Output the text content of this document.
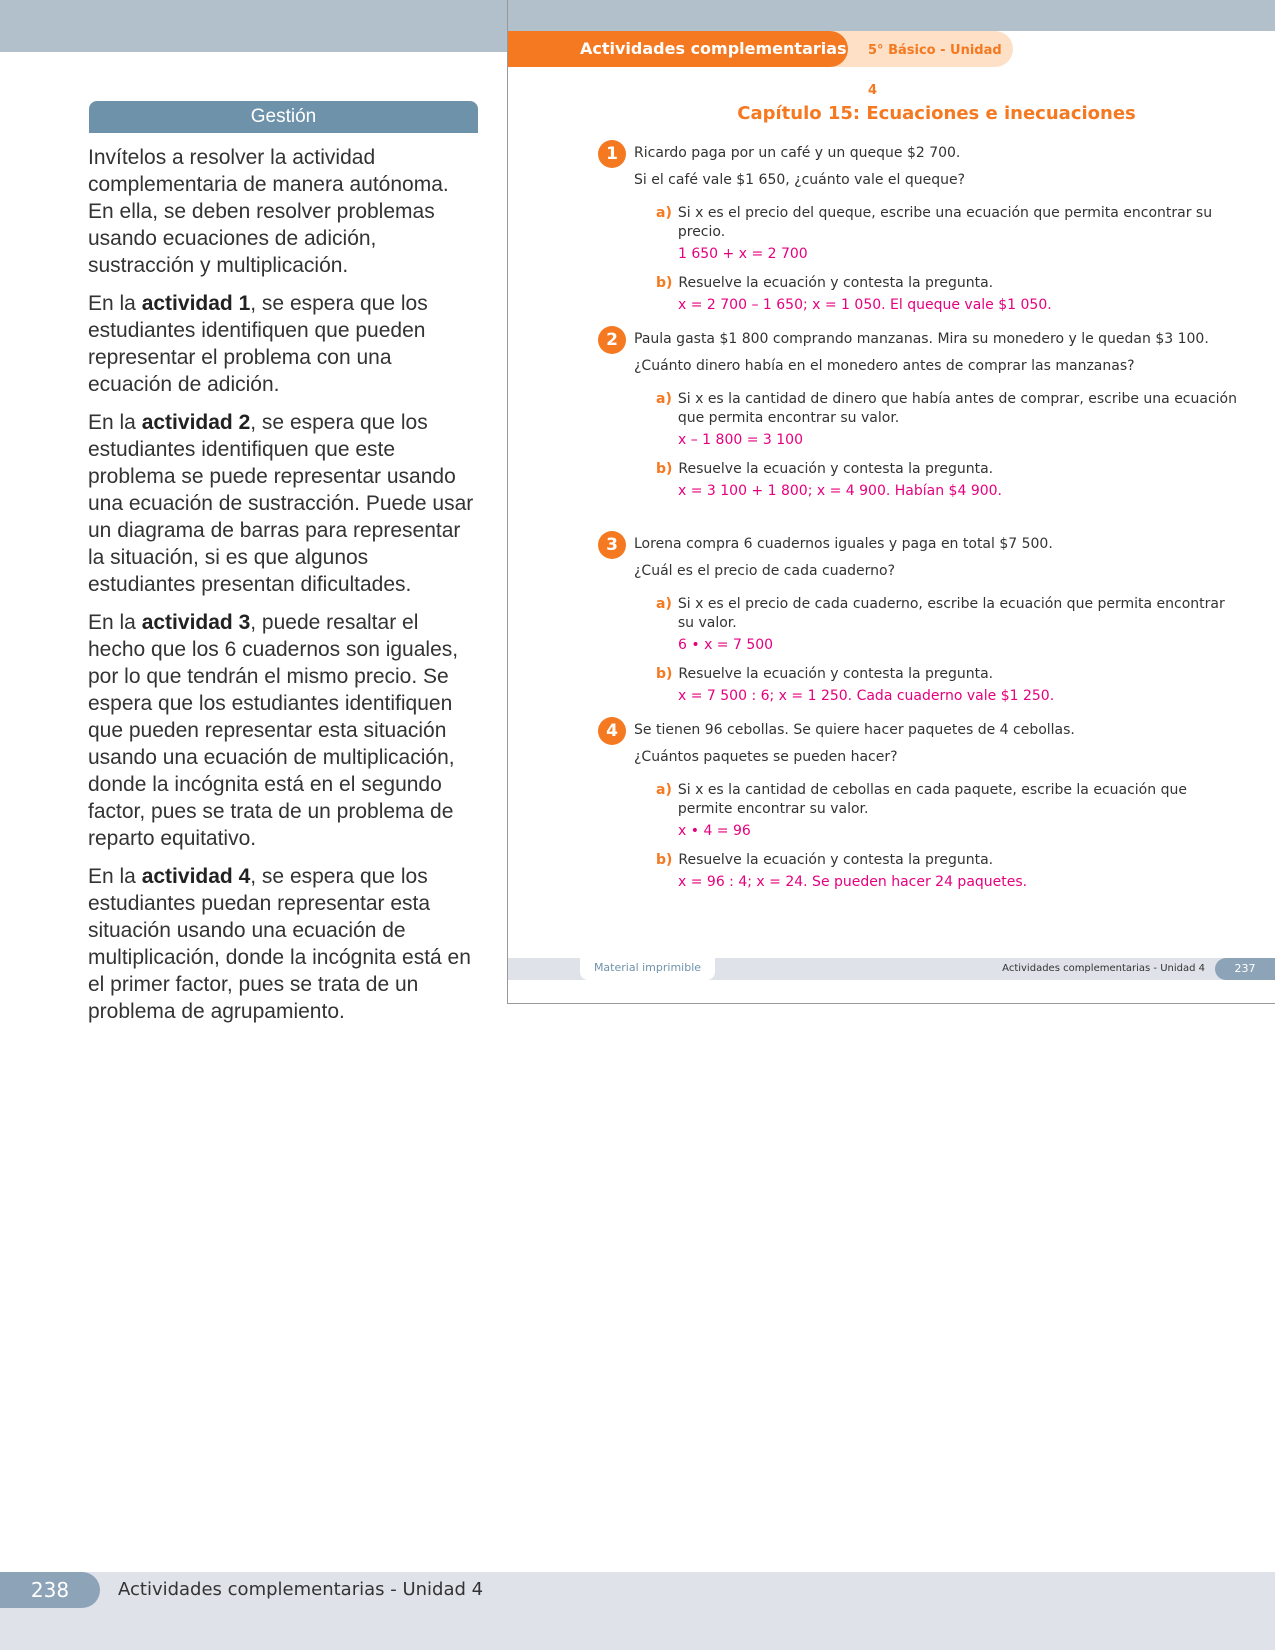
Gestión

Invítelos a resolver la actividad complementaria de manera autónoma. En ella, se deben resolver problemas usando ecuaciones de adición, sustracción y multiplicación.

En la actividad 1, se espera que los estudiantes identifiquen que pueden representar el problema con una ecuación de adición.

En la actividad 2, se espera que los estudiantes identifiquen que este problema se puede representar usando una ecuación de sustracción. Puede usar un diagrama de barras para representar la situación, si es que algunos estudiantes presentan dificultades.

En la actividad 3, puede resaltar el hecho que los 6 cuadernos son iguales, por lo que tendrán el mismo precio. Se espera que los estudiantes identifiquen que pueden representar esta situación usando una ecuación de multiplicación, donde la incógnita está en el segundo factor, pues se trata de un problema de reparto equitativo.

En la actividad 4, se espera que los estudiantes puedan representar esta situación usando una ecuación de multiplicación, donde la incógnita está en el primer factor, pues se trata de un problema de agrupamiento.

Actividades complementarias	5° Básico - Unidad 4
Capítulo 15: Ecuaciones e inecuaciones
1	Ricardo paga por un café y un queque $2 700.
Si el café vale $1 650, ¿cuánto vale el queque?
a) Si x es el precio del queque, escribe una ecuación que permita encontrar su precio.
1 650 + x = 2 700
b) Resuelve la ecuación y contesta la pregunta.
x = 2 700 – 1 650; x = 1 050. El queque vale $1 050.
2	Paula gasta $1 800 comprando manzanas. Mira su monedero y le quedan $3 100.
¿Cuánto dinero había en el monedero antes de comprar las manzanas?
a) Si x es la cantidad de dinero que había antes de comprar, escribe una ecuación que permita encontrar su valor.
x – 1 800 = 3 100
b) Resuelve la ecuación y contesta la pregunta.
x = 3 100 + 1 800; x = 4 900. Habían $4 900.
3	Lorena compra 6 cuadernos iguales y paga en total $7 500.
¿Cuál es el precio de cada cuaderno?
a) Si x es el precio de cada cuaderno, escribe la ecuación que permita encontrar su valor.
6 • x = 7 500
b) Resuelve la ecuación y contesta la pregunta.
x = 7 500 : 6; x = 1 250. Cada cuaderno vale $1 250.
4	Se tienen 96 cebollas. Se quiere hacer paquetes de 4 cebollas.
¿Cuántos paquetes se pueden hacer?
a) Si x es la cantidad de cebollas en cada paquete, escribe la ecuación que permite encontrar su valor.
x • 4 = 96
b) Resuelve la ecuación y contesta la pregunta.
x = 96 : 4; x = 24. Se pueden hacer 24 paquetes.
Material imprimible	Actividades complementarias - Unidad 4	237
238	Actividades complementarias - Unidad 4
